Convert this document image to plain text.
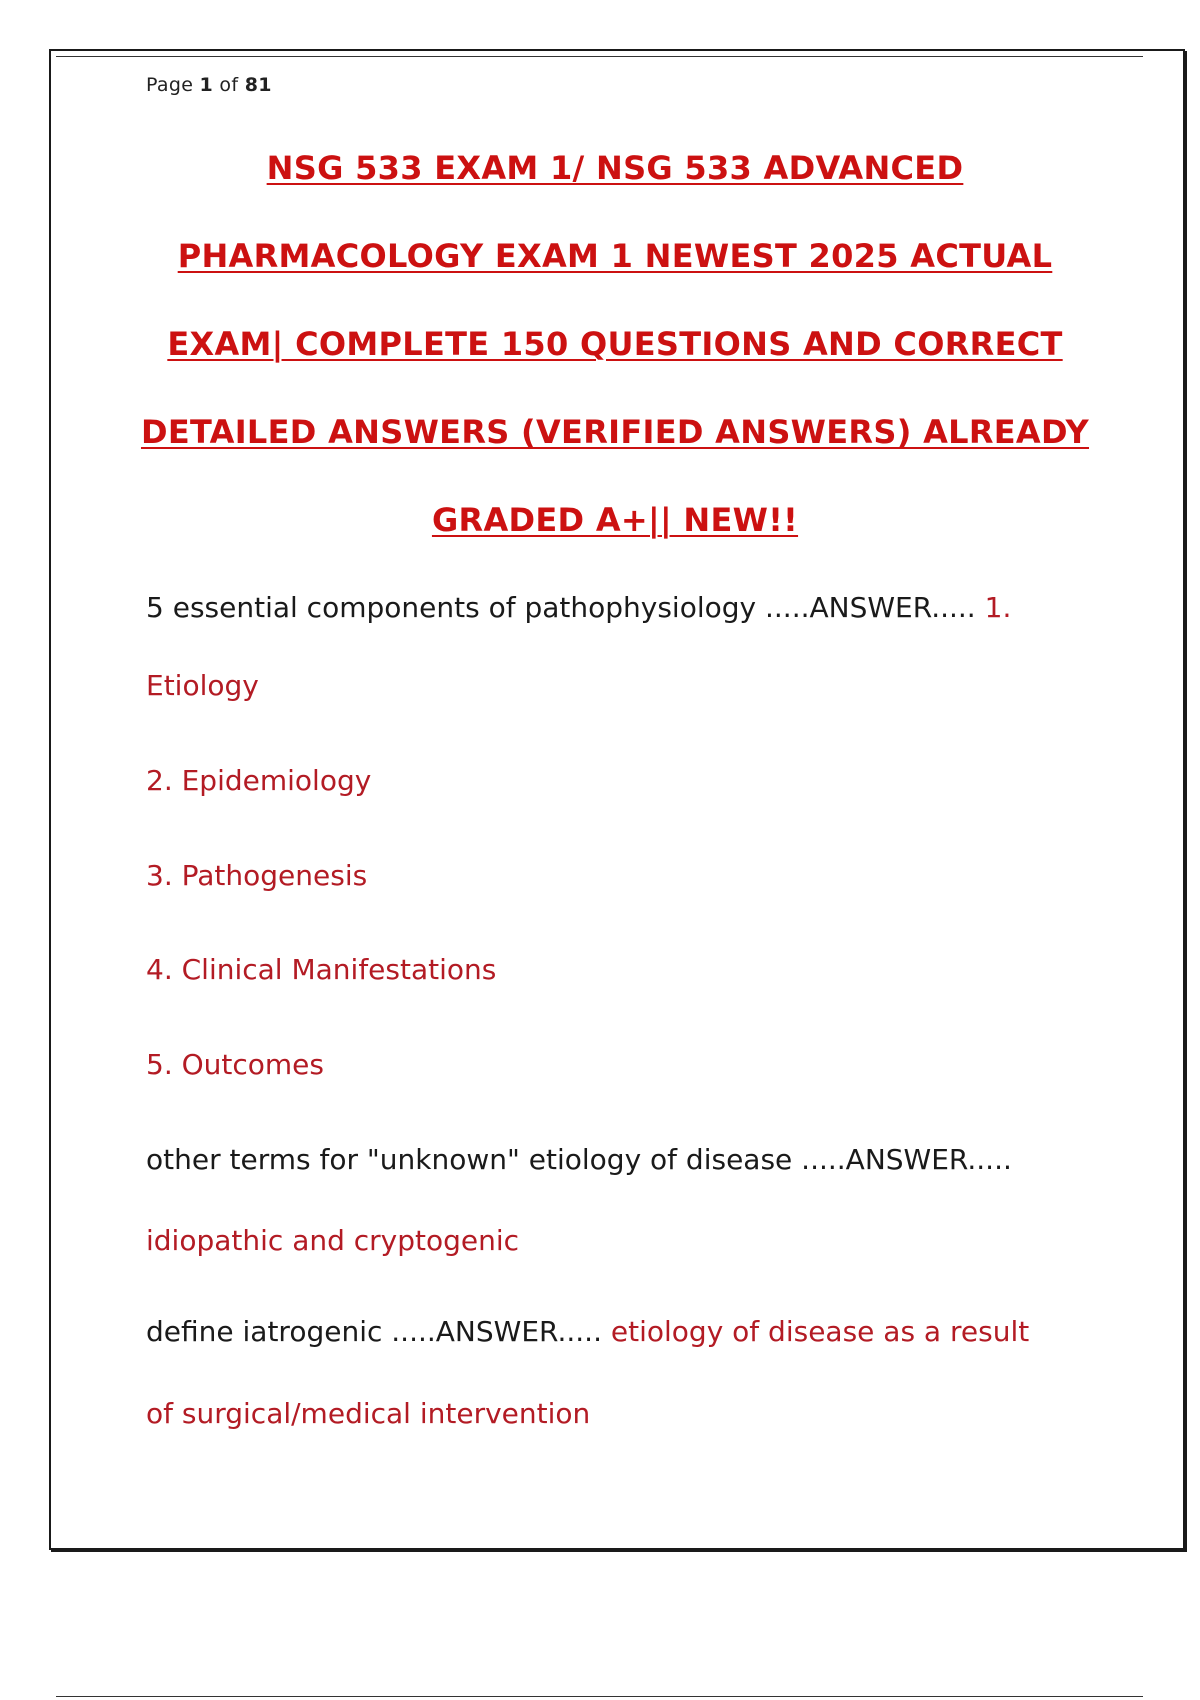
Page 1 of 81

NSG 533 EXAM 1/ NSG 533 ADVANCED

PHARMACOLOGY EXAM 1 NEWEST 2025 ACTUAL

EXAM| COMPLETE 150 QUESTIONS AND CORRECT

DETAILED ANSWERS (VERIFIED ANSWERS) ALREADY

GRADED A+|| NEW!!

5 essential components of pathophysiology .....ANSWER..... 1.
Etiology
2. Epidemiology
3. Pathogenesis
4. Clinical Manifestations
5. Outcomes
other terms for "unknown" etiology of disease .....ANSWER.....
idiopathic and cryptogenic
define iatrogenic .....ANSWER..... etiology of disease as a result
of surgical/medical intervention
